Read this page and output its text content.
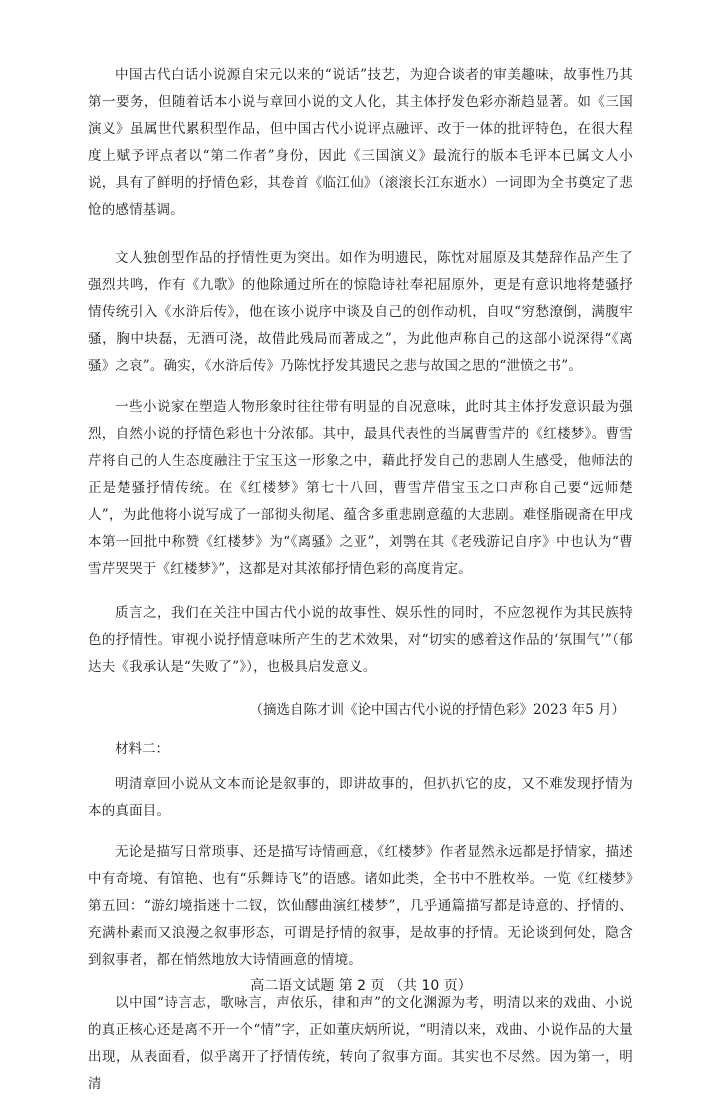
中国古代白话小说源自宋元以来的“说话”技艺，为迎合谈者的审美趣味，故事性乃其第一要务，但随着话本小说与章回小说的文人化，其主体抒发色彩亦渐趋显著。如《三国演义》虽属世代累积型作品，但中国古代小说评点融评、改于一体的批评特色，在很大程度上赋予评点者以“第二作者”身份，因此《三国演义》最流行的版本毛评本已属文人小说，具有了鲜明的抒情色彩，其卷首《临江仙》（滚滚长江东逝水）一词即为全书奠定了悲怆的感情基调。

文人独创型作品的抒情性更为突出。如作为明遗民，陈忱对屈原及其楚辞作品产生了强烈共鸣，作有《九歌》的他除通过所在的惊隐诗社奉祀屈原外，更是有意识地将楚骚抒情传统引入《水浒后传》，他在该小说序中谈及自己的创作动机，自叹“穷愁潦倒，满腹牢骚，胸中块磊，无酒可浇，故借此残局而著成之”，为此他声称自己的这部小说深得“《离骚》之哀”。确实，《水浒后传》乃陈忱抒发其遗民之悲与故国之思的“泄愤之书”。

一些小说家在塑造人物形象时往往带有明显的自况意味，此时其主体抒发意识最为强烈，自然小说的抒情色彩也十分浓郁。其中，最具代表性的当属曹雪芹的《红楼梦》。曹雪芹将自己的人生态度融注于宝玉这一形象之中，藉此抒发自己的悲剧人生感受，他师法的正是楚骚抒情传统。在《红楼梦》第七十八回，曹雪芹借宝玉之口声称自己要“远师楚人”，为此他将小说写成了一部彻头彻尾、蕴含多重悲剧意蕴的大悲剧。难怪脂砚斋在甲戌本第一回批中称赞《红楼梦》为“《离骚》之亚”，刘鹗在其《老残游记自序》中也认为“曹雪芹哭哭于《红楼梦》”，这都是对其浓郁抒情色彩的高度肯定。

质言之，我们在关注中国古代小说的故事性、娱乐性的同时，不应忽视作为其民族特色的抒情性。审视小说抒情意味所产生的艺术效果，对“切实的感着这作品的‘氛围气’”（郁达夫《我承认是“失败了”》），也极具启发意义。

（摘选自陈才训《论中国古代小说的抒情色彩》2023 年5 月）

材料二：

明清章回小说从文本而论是叙事的，即讲故事的，但扒扒它的皮，又不难发现抒情为本的真面目。

无论是描写日常琐事、还是描写诗情画意，《红楼梦》作者显然永远都是抒情家，描述中有奇境、有馆艳、也有“乐舞诗飞”的语感。诸如此类，全书中不胜枚举。一览《红楼梦》第五回：“游幻境指迷十二钗，饮仙醪曲演红楼梦”，几乎通篇描写都是诗意的、抒情的、充满朴素而又浪漫之叙事形态，可谓是抒情的叙事，是故事的抒情。无论谈到何处，隐含到叙事者，都在悄然地放大诗情画意的情境。

以中国“诗言志，歌咏言，声依乐，律和声”的文化渊源为考，明清以来的戏曲、小说的真正核心还是离不开一个“情”字，正如董庆炳所说，“明清以来，戏曲、小说作品的大量出现，从表面看，似乎离开了抒情传统，转向了叙事方面。其实也不尽然。因为第一，明清

高二语文试题 第 2 页 （共 10 页）
